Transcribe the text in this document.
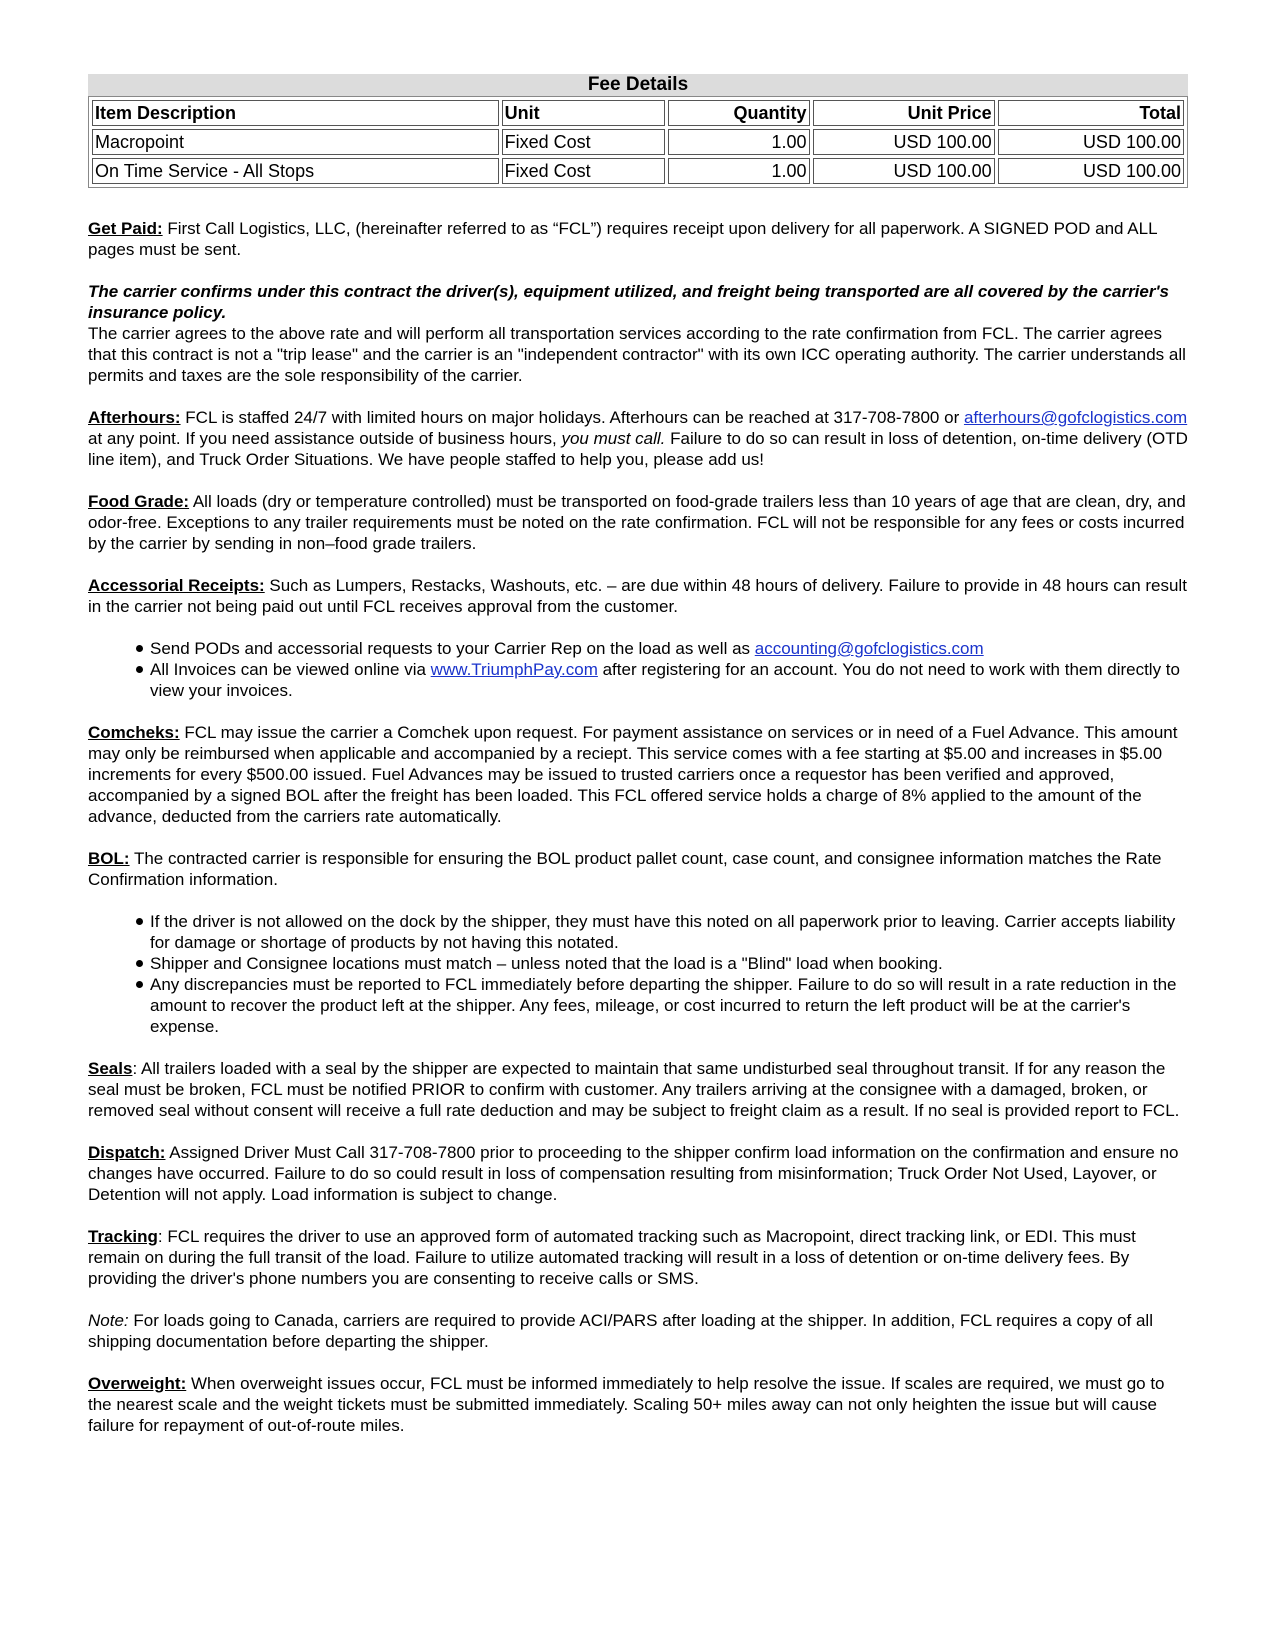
Fee Details
Item Description	Unit	Quantity	Unit Price	Total
Macropoint	Fixed Cost	1.00	USD 100.00	USD 100.00
On Time Service - All Stops	Fixed Cost	1.00	USD 100.00	USD 100.00

Get Paid: First Call Logistics, LLC, (hereinafter referred to as “FCL”) requires receipt upon delivery for all paperwork. A SIGNED POD and ALL pages must be sent.

The carrier confirms under this contract the driver(s), equipment utilized, and freight being transported are all covered by the carrier's insurance policy.
The carrier agrees to the above rate and will perform all transportation services according to the rate confirmation from FCL. The carrier agrees that this contract is not a "trip lease" and the carrier is an "independent contractor" with its own ICC operating authority. The carrier understands all permits and taxes are the sole responsibility of the carrier.

Afterhours: FCL is staffed 24/7 with limited hours on major holidays. Afterhours can be reached at 317-708-7800 or afterhours@gofclogistics.com at any point. If you need assistance outside of business hours, you must call. Failure to do so can result in loss of detention, on-time delivery (OTD line item), and Truck Order Situations. We have people staffed to help you, please add us!

Food Grade: All loads (dry or temperature controlled) must be transported on food-grade trailers less than 10 years of age that are clean, dry, and odor-free. Exceptions to any trailer requirements must be noted on the rate confirmation. FCL will not be responsible for any fees or costs incurred by the carrier by sending in non–food grade trailers.

Accessorial Receipts: Such as Lumpers, Restacks, Washouts, etc. – are due within 48 hours of delivery. Failure to provide in 48 hours can result in the carrier not being paid out until FCL receives approval from the customer.

Send PODs and accessorial requests to your Carrier Rep on the load as well as accounting@gofclogistics.com
All Invoices can be viewed online via www.TriumphPay.com after registering for an account. You do not need to work with them directly to view your invoices.

Comcheks: FCL may issue the carrier a Comchek upon request. For payment assistance on services or in need of a Fuel Advance. This amount may only be reimbursed when applicable and accompanied by a reciept. This service comes with a fee starting at $5.00 and increases in $5.00 increments for every $500.00 issued. Fuel Advances may be issued to trusted carriers once a requestor has been verified and approved, accompanied by a signed BOL after the freight has been loaded. This FCL offered service holds a charge of 8% applied to the amount of the advance, deducted from the carriers rate automatically.

BOL: The contracted carrier is responsible for ensuring the BOL product pallet count, case count, and consignee information matches the Rate Confirmation information.

If the driver is not allowed on the dock by the shipper, they must have this noted on all paperwork prior to leaving. Carrier accepts liability for damage or shortage of products by not having this notated.
Shipper and Consignee locations must match – unless noted that the load is a "Blind" load when booking.
Any discrepancies must be reported to FCL immediately before departing the shipper. Failure to do so will result in a rate reduction in the amount to recover the product left at the shipper. Any fees, mileage, or cost incurred to return the left product will be at the carrier's expense.

Seals: All trailers loaded with a seal by the shipper are expected to maintain that same undisturbed seal throughout transit. If for any reason the seal must be broken, FCL must be notified PRIOR to confirm with customer. Any trailers arriving at the consignee with a damaged, broken, or removed seal without consent will receive a full rate deduction and may be subject to freight claim as a result. If no seal is provided report to FCL.

Dispatch: Assigned Driver Must Call 317-708-7800 prior to proceeding to the shipper confirm load information on the confirmation and ensure no changes have occurred. Failure to do so could result in loss of compensation resulting from misinformation; Truck Order Not Used, Layover, or Detention will not apply. Load information is subject to change.

Tracking: FCL requires the driver to use an approved form of automated tracking such as Macropoint, direct tracking link, or EDI. This must remain on during the full transit of the load. Failure to utilize automated tracking will result in a loss of detention or on-time delivery fees. By providing the driver's phone numbers you are consenting to receive calls or SMS.

Note: For loads going to Canada, carriers are required to provide ACI/PARS after loading at the shipper. In addition, FCL requires a copy of all shipping documentation before departing the shipper.

Overweight: When overweight issues occur, FCL must be informed immediately to help resolve the issue. If scales are required, we must go to the nearest scale and the weight tickets must be submitted immediately. Scaling 50+ miles away can not only heighten the issue but will cause failure for repayment of out-of-route miles.
